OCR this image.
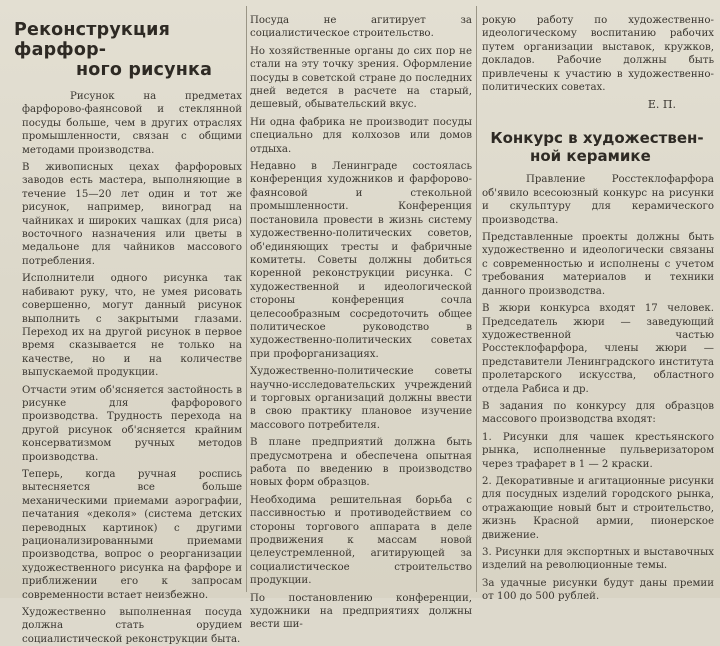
Реконструкция фарфор-
ного рисунка

Рисунок на предметах фарфорово-фаянсовой и стеклянной посуды больше, чем в других отраслях промышленности, связан с общими методами производства.

В живописных цехах фарфоровых заводов есть мастера, выполняющие в течение 15—20 лет один и тот же рисунок, например, виноград на чайниках и широких чашках (для риса) восточного назначения или цветы в медальоне для чайников массового потребления.

Исполнители одного рисунка так набивают руку, что, не умея рисовать совершенно, могут данный рисунок выполнить с закрытыми глазами. Переход их на другой рисунок в первое время сказывается не только на качестве, но и на количестве выпускаемой продукции.

Отчасти этим об'ясняется застойность в рисунке для фарфорового производства. Трудность перехода на другой рисунок об'ясняется крайним консерватизмом ручных методов производства.

Теперь, когда ручная роспись вытесняется все больше механическими приемами аэрографии, печатания «деколя» (система детских переводных картинок) с другими рационализированными приемами производства, вопрос о реорганизации художественного рисунка на фарфоре и приближении его к запросам современности встает неизбежно.

Художественно выполненная посуда должна стать орудием социалистической реконструкции быта.

Посуда не агитирует за социалистическое строительство.

Но хозяйственные органы до сих пор не стали на эту точку зрения. Оформление посуды в советской стране до последних дней ведется в расчете на старый, дешевый, обывательский вкус.

Ни одна фабрика не производит посуды специально для колхозов или домов отдыха.

Недавно в Ленинграде состоялась конференция художников и фарфорово-фаянсовой и стекольной промышленности. Конференция постановила провести в жизнь систему художественно-политических советов, об'единяющих тресты и фабричные комитеты. Советы должны добиться коренной реконструкции рисунка. С художественной и идеологической стороны конференция сочла целесообразным сосредоточить общее политическое руководство в художественно-политических советах при профорганизациях.

Художественно-политические советы научно-исследовательских учреждений и торговых организаций должны ввести в свою практику плановое изучение массового потребителя.

В плане предприятий должна быть предусмотрена и обеспечена опытная работа по введению в производство новых форм образцов.

Необходима решительная борьба с пассивностью и противодействием со стороны торгового аппарата в деле продвижения к массам новой целеустремленной, агитирующей за социалистическое строительство продукции.

По постановлению конференции, художники на предприятиях должны вести ши-

рокую работу по художественно-идеологическому воспитанию рабочих путем организации выставок, кружков, докладов. Рабочие должны быть привлечены к участию в художественно-политических советах.

Е. П.
Конкурс в художествен-
ной керамике

Правление Росстеклофарфора об'явило всесоюзный конкурс на рисунки и скульптуру для керамического производства.

Представленные проекты должны быть художественно и идеологически связаны с современностью и исполнены с учетом требования материалов и техники данного производства.

В жюри конкурса входят 17 человек. Председатель жюри — заведующий художественной частью Росстеклофарфора, члены жюри — представители Ленинградского института пролетарского искусства, областного отдела Рабиса и др.

В задания по конкурсу для образцов массового производства входят:

1. Рисунки для чашек крестьянского рынка, исполненные пульверизатором через трафарет в 1 — 2 краски.

2. Декоративные и агитационные рисунки для посудных изделий городского рынка, отражающие новый быт и строительство, жизнь Красной армии, пионерское движение.

3. Рисунки для экспортных и выставочных изделий на революционные темы.

За удачные рисунки будут даны премии от 100 до 500 рублей.
